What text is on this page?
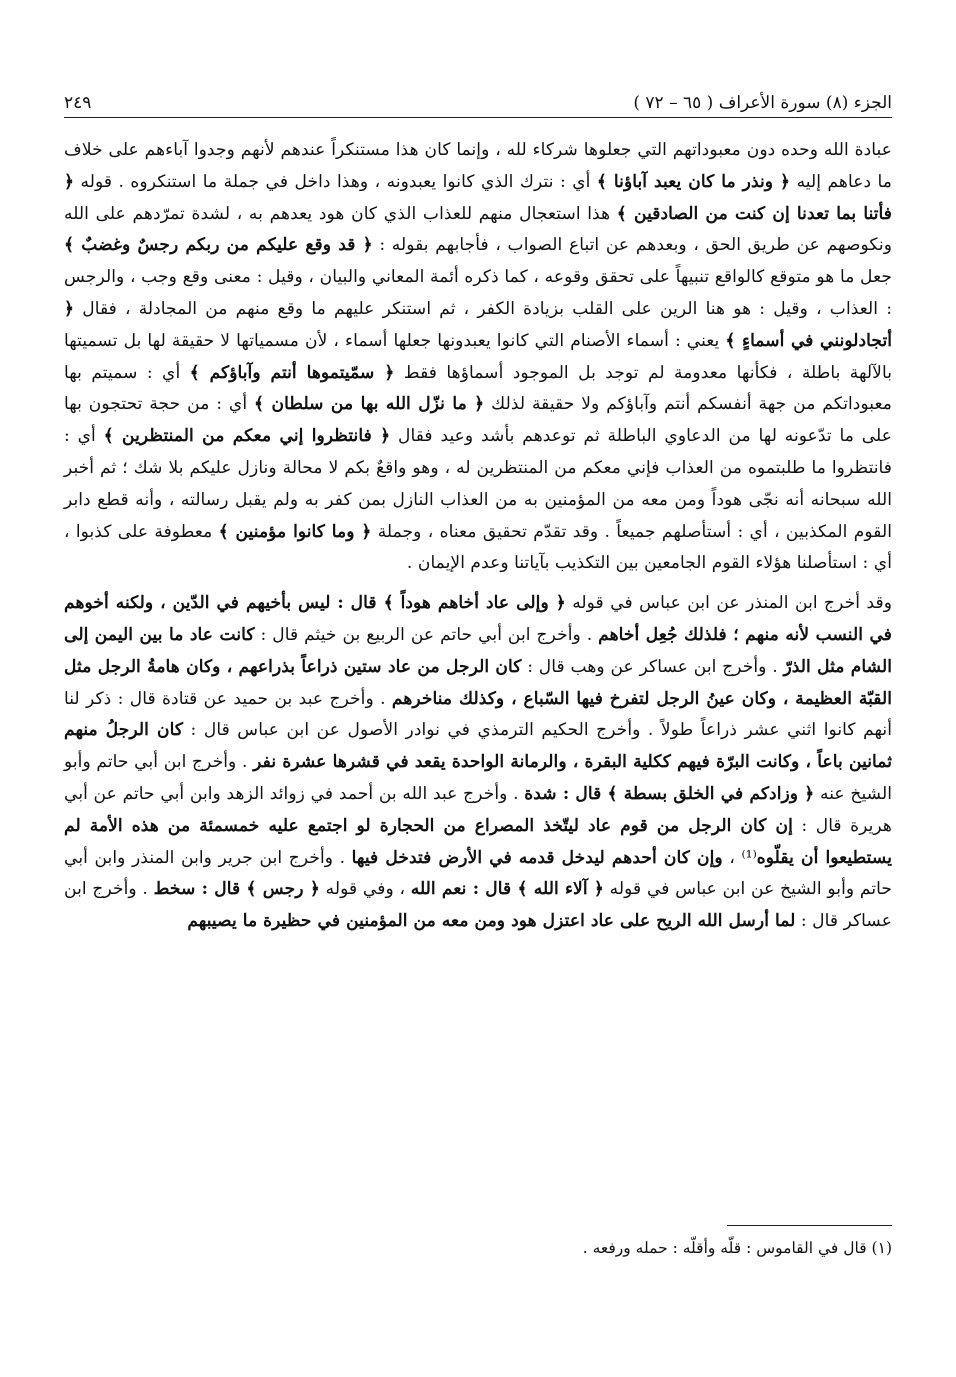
الجزء (٨) سورة الأعراف ( ٦٥ – ٧٢ )
٢٤٩

عبادة الله وحده دون معبوداتهم التي جعلوها شركاء لله ، وإنما كان هذا مستنكراً عندهم لأنهم وجدوا آباءهم على خلاف ما دعاهم إليه ﴿ ونذر ما كان يعبد آباؤنا ﴾ أي : نترك الذي كانوا يعبدونه ، وهذا داخل في جملة ما استنكروه . قوله ﴿ فأتنا بما تعدنا إن كنت من الصادقين ﴾ هذا استعجال منهم للعذاب الذي كان هود يعدهم به ، لشدة تمرّدهم على الله ونكوصهم عن طريق الحق ، وبعدهم عن اتباع الصواب ، فأجابهم بقوله : ﴿ قد وقع عليكم من ربكم رجسٌ وغضبٌ ﴾ جعل ما هو متوقع كالواقع تنبيهاً على تحقق وقوعه ، كما ذكره أئمة المعاني والبيان ، وقيل : معنى وقع وجب ، والرجس : العذاب ، وقيل : هو هنا الرين على القلب بزيادة الكفر ، ثم استنكر عليهم ما وقع منهم من المجادلة ، فقال ﴿ أتجادلونني في أسماءٍ ﴾ يعني : أسماء الأصنام التي كانوا يعبدونها جعلها أسماء ، لأن مسمياتها لا حقيقة لها بل تسميتها بالآلهة باطلة ، فكأنها معدومة لم توجد بل الموجود أسماؤها فقط ﴿ سمّيتموها أنتم وآباؤكم ﴾ أي : سميتم بها معبوداتكم من جهة أنفسكم أنتم وآباؤكم ولا حقيقة لذلك ﴿ ما نزّل الله بها من سلطان ﴾ أي : من حجة تحتجون بها على ما تدّعونه لها من الدعاوي الباطلة ثم توعدهم بأشد وعيد فقال ﴿ فانتظروا إني معكم من المنتظرين ﴾ أي : فانتظروا ما طلبتموه من العذاب فإني معكم من المنتظرين له ، وهو واقعٌ بكم لا محالة ونازل عليكم بلا شك ؛ ثم أخبر الله سبحانه أنه نجّى هوداً ومن معه من المؤمنين به من العذاب النازل بمن كفر به ولم يقبل رسالته ، وأنه قطع دابر القوم المكذبين ، أي : أستأصلهم جميعاً . وقد تقدّم تحقيق معناه ، وجملة ﴿ وما كانوا مؤمنين ﴾ معطوفة على كذبوا ، أي : استأصلنا هؤلاء القوم الجامعين بين التكذيب بآياتنا وعدم الإيمان .

وقد أخرج ابن المنذر عن ابن عباس في قوله ﴿ وإلى عاد أخاهم هوداً ﴾ قال : ليس بأخيهم في الدّين ، ولكنه أخوهم في النسب لأنه منهم ؛ فلذلك جُعِل أخاهم . وأخرج ابن أبي حاتم عن الربيع بن خيثم قال : كانت عاد ما بين اليمن إلى الشام مثل الذرّ . وأخرج ابن عساكر عن وهب قال : كان الرجل من عاد ستين ذراعاً بذراعهم ، وكان هامةُ الرجل مثل القبّة العظيمة ، وكان عينُ الرجل لتفرخ فيها السّباع ، وكذلك مناخرهم . وأخرج عبد بن حميد عن قتادة قال : ذكر لنا أنهم كانوا اثني عشر ذراعاً طولاً . وأخرج الحكيم الترمذي في نوادر الأصول عن ابن عباس قال : كان الرجلُ منهم ثمانين باعاً ، وكانت البرّة فيهم ككلية البقرة ، والرمانة الواحدة يقعد في قشرها عشرة نفر . وأخرج ابن أبي حاتم وأبو الشيخ عنه ﴿ وزادكم في الخلق بسطة ﴾ قال : شدة . وأخرج عبد الله بن أحمد في زوائد الزهد وابن أبي حاتم عن أبي هريرة قال : إن كان الرجل من قوم عاد ليتّخذ المصراع من الحجارة لو اجتمع عليه خمسمئة من هذه الأمة لم يستطيعوا أن يقلّوه⁽¹⁾ ، وإن كان أحدهم ليدخل قدمه في الأرض فتدخل فيها . وأخرج ابن جرير وابن المنذر وابن أبي حاتم وأبو الشيخ عن ابن عباس في قوله ﴿ آلاء الله ﴾ قال : نعم الله ، وفي قوله ﴿ رجس ﴾ قال : سخط . وأخرج ابن عساكر قال : لما أرسل الله الريح على عاد اعتزل هود ومن معه من المؤمنين في حظيرة ما يصيبهم

(١) قال في القاموس : قلّه وأقلّه : حمله ورفعه .
